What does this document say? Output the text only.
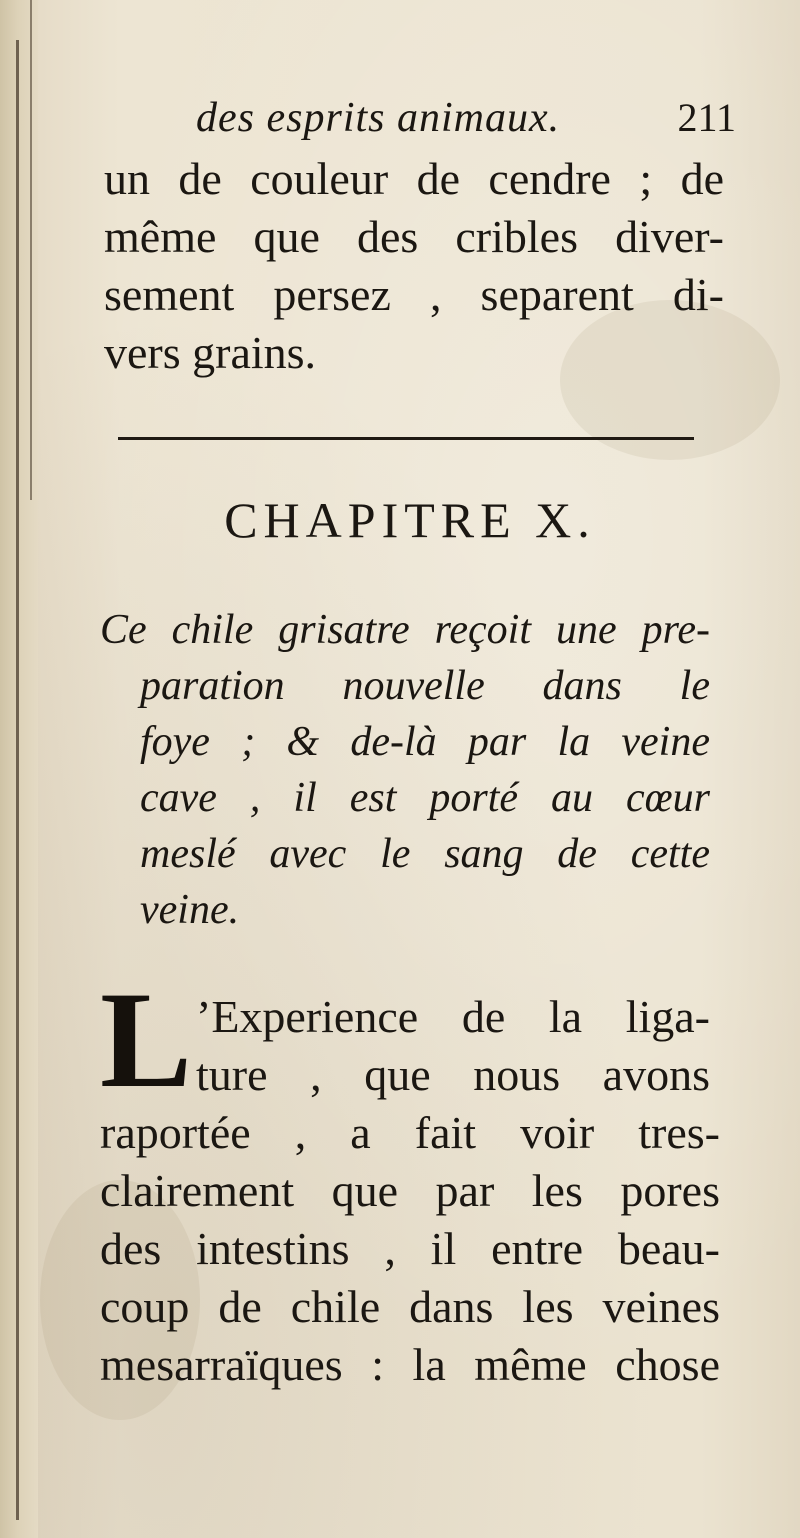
des esprits animaux.	211
un de couleur de cendre ; de
même que des cribles diver-
sement persez , separent di-
vers grains.
CHAPITRE X.
Ce chile grisatre reçoit une pre-
paration nouvelle dans le
foye ; & de-là par la veine
cave , il est porté au cœur
meslé avec le sang de cette
veine.
L ’Experience de la liga-
ture , que nous avons
raportée , a fait voir tres-
clairement que par les pores
des intestins , il entre beau-
coup de chile dans les veines
mesarraïques : la même chose
